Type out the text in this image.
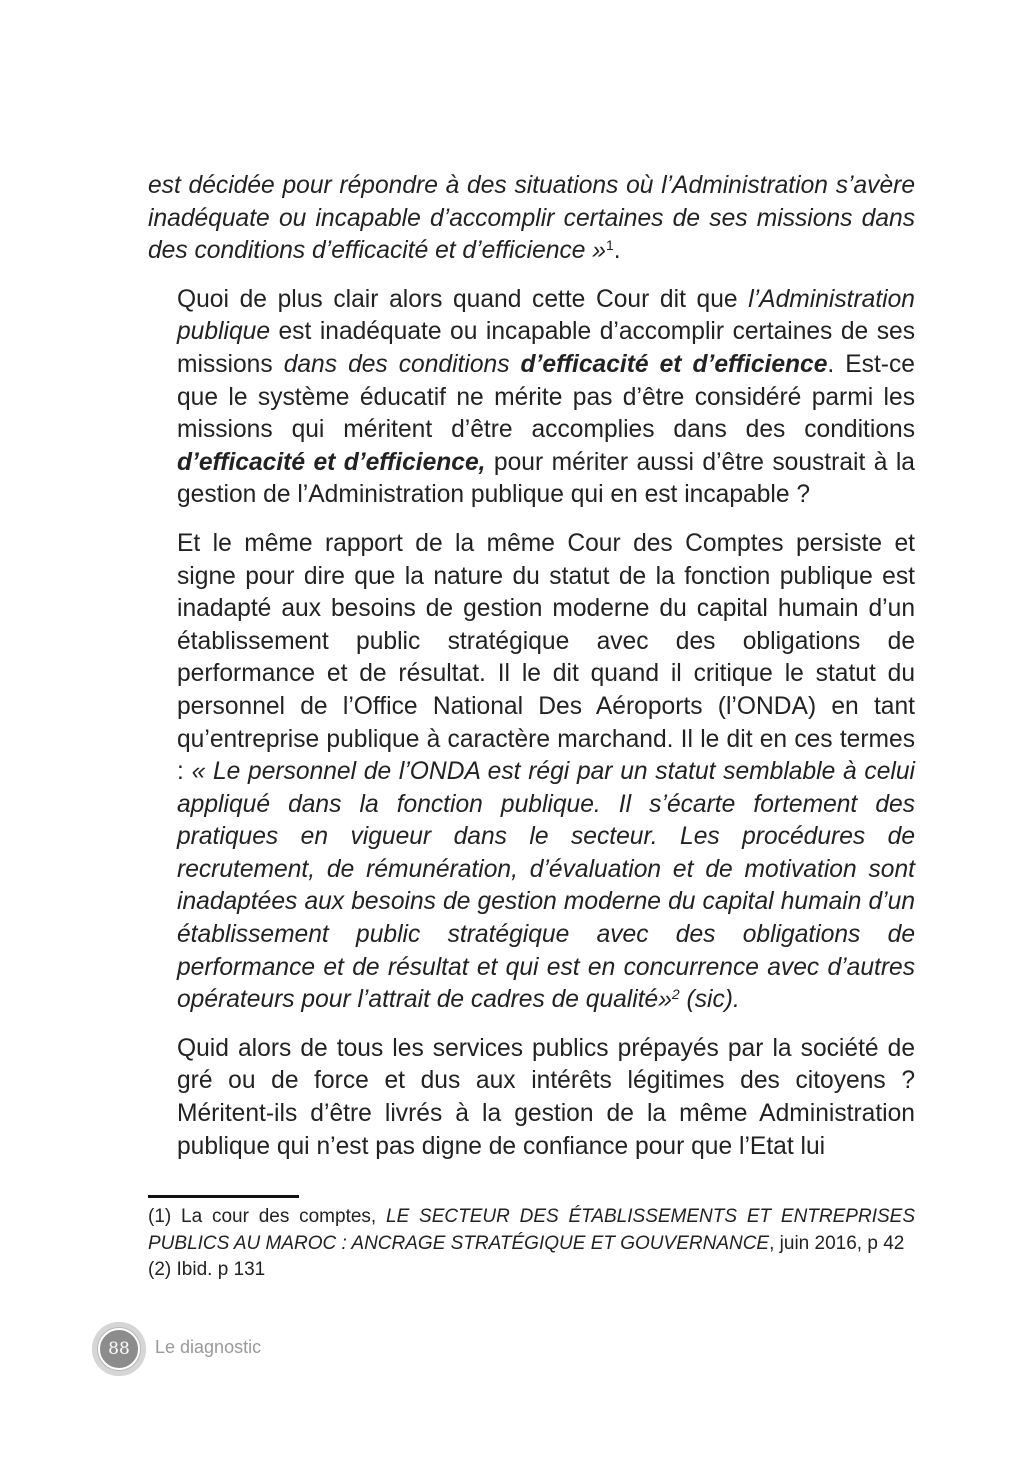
est décidée pour répondre à des situations où l’Administration s’avère inadéquate ou incapable d’accomplir certaines de ses missions dans des conditions d’efficacité et d’efficience »$^1$.

Quoi de plus clair alors quand cette Cour dit que l’Administration publique est inadéquate ou incapable d’accomplir certaines de ses missions dans des conditions d’efficacité et d’efficience. Est-ce que le système éducatif ne mérite pas d’être considéré parmi les missions qui méritent d’être accomplies dans des conditions d’efficacité et d’efficience, pour mériter aussi d’être soustrait à la gestion de l’Administration publique qui en est incapable ?

Et le même rapport de la même Cour des Comptes persiste et signe pour dire que la nature du statut de la fonction publique est inadapté aux besoins de gestion moderne du capital humain d’un établissement public stratégique avec des obligations de performance et de résultat. Il le dit quand il critique le statut du personnel de l’Office National Des Aéroports (l’ONDA) en tant qu’entreprise publique à caractère marchand. Il le dit en ces termes : « Le personnel de l’ONDA est régi par un statut semblable à celui appliqué dans la fonction publique. Il s’écarte fortement des pratiques en vigueur dans le secteur. Les procédures de recrutement, de rémunération, d’évaluation et de motivation sont inadaptées aux besoins de gestion moderne du capital humain d’un établissement public stratégique avec des obligations de performance et de résultat et qui est en concurrence avec d’autres opérateurs pour l’attrait de cadres de qualité»$^2$ (sic).

Quid alors de tous les services publics prépayés par la société de gré ou de force et dus aux intérêts légitimes des citoyens ? Méritent-ils d’être livrés à la gestion de la même Administration publique qui n’est pas digne de confiance pour que l’Etat lui

(1) La cour des comptes, LE SECTEUR DES ÉTABLISSEMENTS ET ENTREPRISES PUBLICS AU MAROC : ANCRAGE STRATÉGIQUE ET GOUVERNANCE, juin 2016, p 42
(2) Ibid. p 131
88	Le diagnostic
